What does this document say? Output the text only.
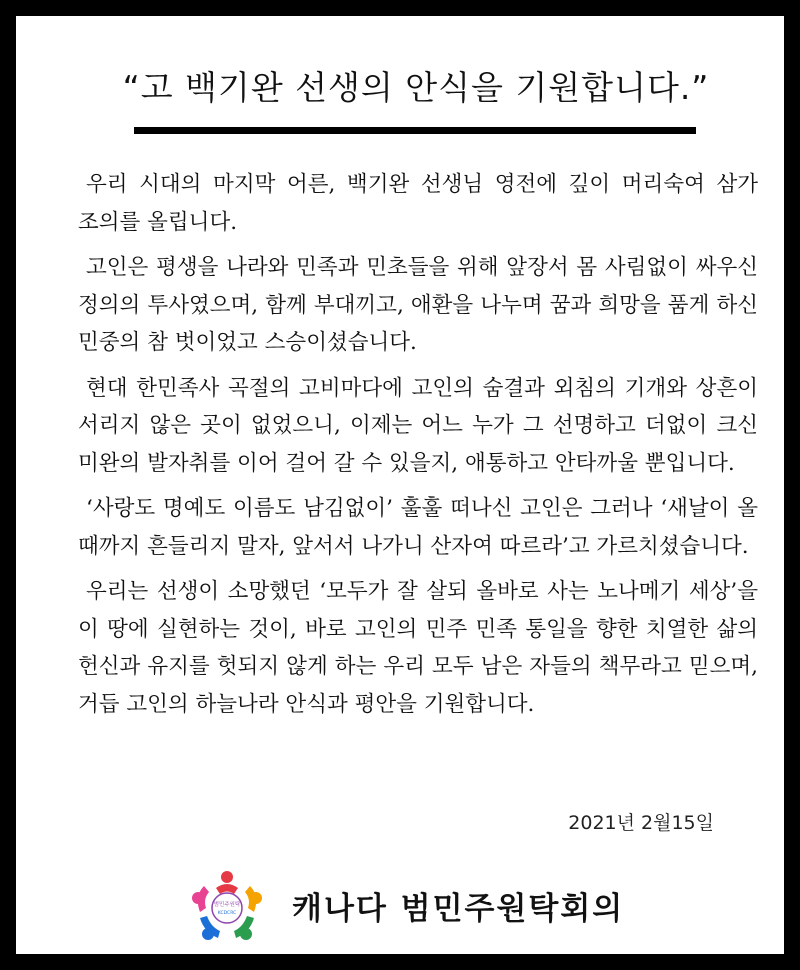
“고 백기완 선생의 안식을 기원합니다.”

우리 시대의 마지막 어른, 백기완 선생님 영전에 깊이 머리숙여 삼가 조의를 올립니다.

고인은 평생을 나라와 민족과 민초들을 위해 앞장서 몸 사림없이 싸우신 정의의 투사였으며, 함께 부대끼고, 애환을 나누며 꿈과 희망을 품게 하신 민중의 참 벗이었고 스승이셨습니다.

현대 한민족사 곡절의 고비마다에 고인의 숨결과 외침의 기개와 상흔이 서리지 않은 곳이 없었으니, 이제는 어느 누가 그 선명하고 더없이 크신 미완의 발자취를 이어 걸어 갈 수 있을지, 애통하고 안타까울 뿐입니다.

‘사랑도 명예도 이름도 남김없이’ 훌훌 떠나신 고인은 그러나 ‘새날이 올 때까지 흔들리지 말자, 앞서서 나가니 산자여 따르라’고 가르치셨습니다.

우리는 선생이 소망했던 ‘모두가 잘 살되 올바로 사는 노나메기 세상’을 이 땅에 실현하는 것이, 바로 고인의 민주 민족 통일을 향한 치열한 삶의 헌신과 유지를 헛되지 않게 하는 우리 모두 남은 자들의 책무라고 믿으며, 거듭 고인의 하늘나라 안식과 평안을 기원합니다.

2021년 2월15일
범민주원탁
KCDCRC 캐나다 범민주원탁회의
